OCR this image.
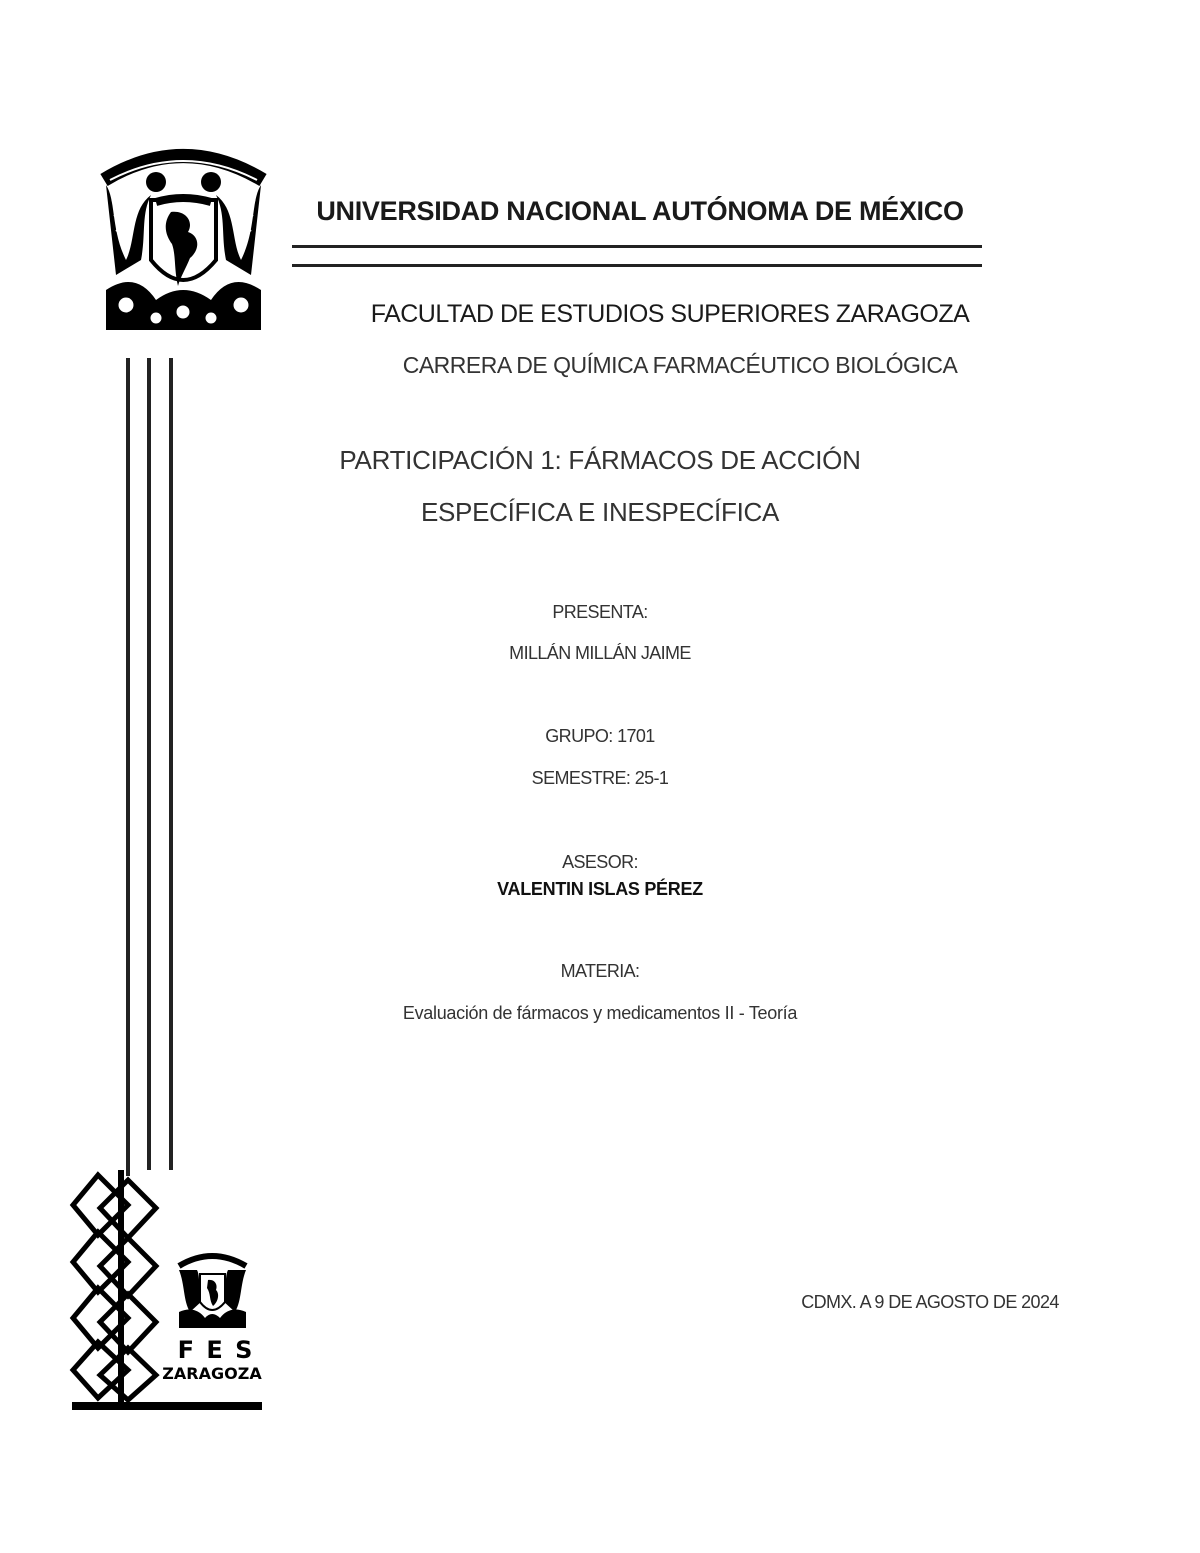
F E S
ZARAGOZA
UNIVERSIDAD NACIONAL AUTÓNOMA DE MÉXICO
FACULTAD DE ESTUDIOS SUPERIORES ZARAGOZA
CARRERA DE QUÍMICA FARMACÉUTICO BIOLÓGICA
PARTICIPACIÓN 1: FÁRMACOS DE ACCIÓN
ESPECÍFICA E INESPECÍFICA
PRESENTA:
MILLÁN MILLÁN JAIME
GRUPO: 1701
SEMESTRE: 25-1
ASESOR:
VALENTIN ISLAS PÉREZ
MATERIA:
Evaluación de fármacos y medicamentos II - Teoría
CDMX. A 9 DE AGOSTO DE 2024
